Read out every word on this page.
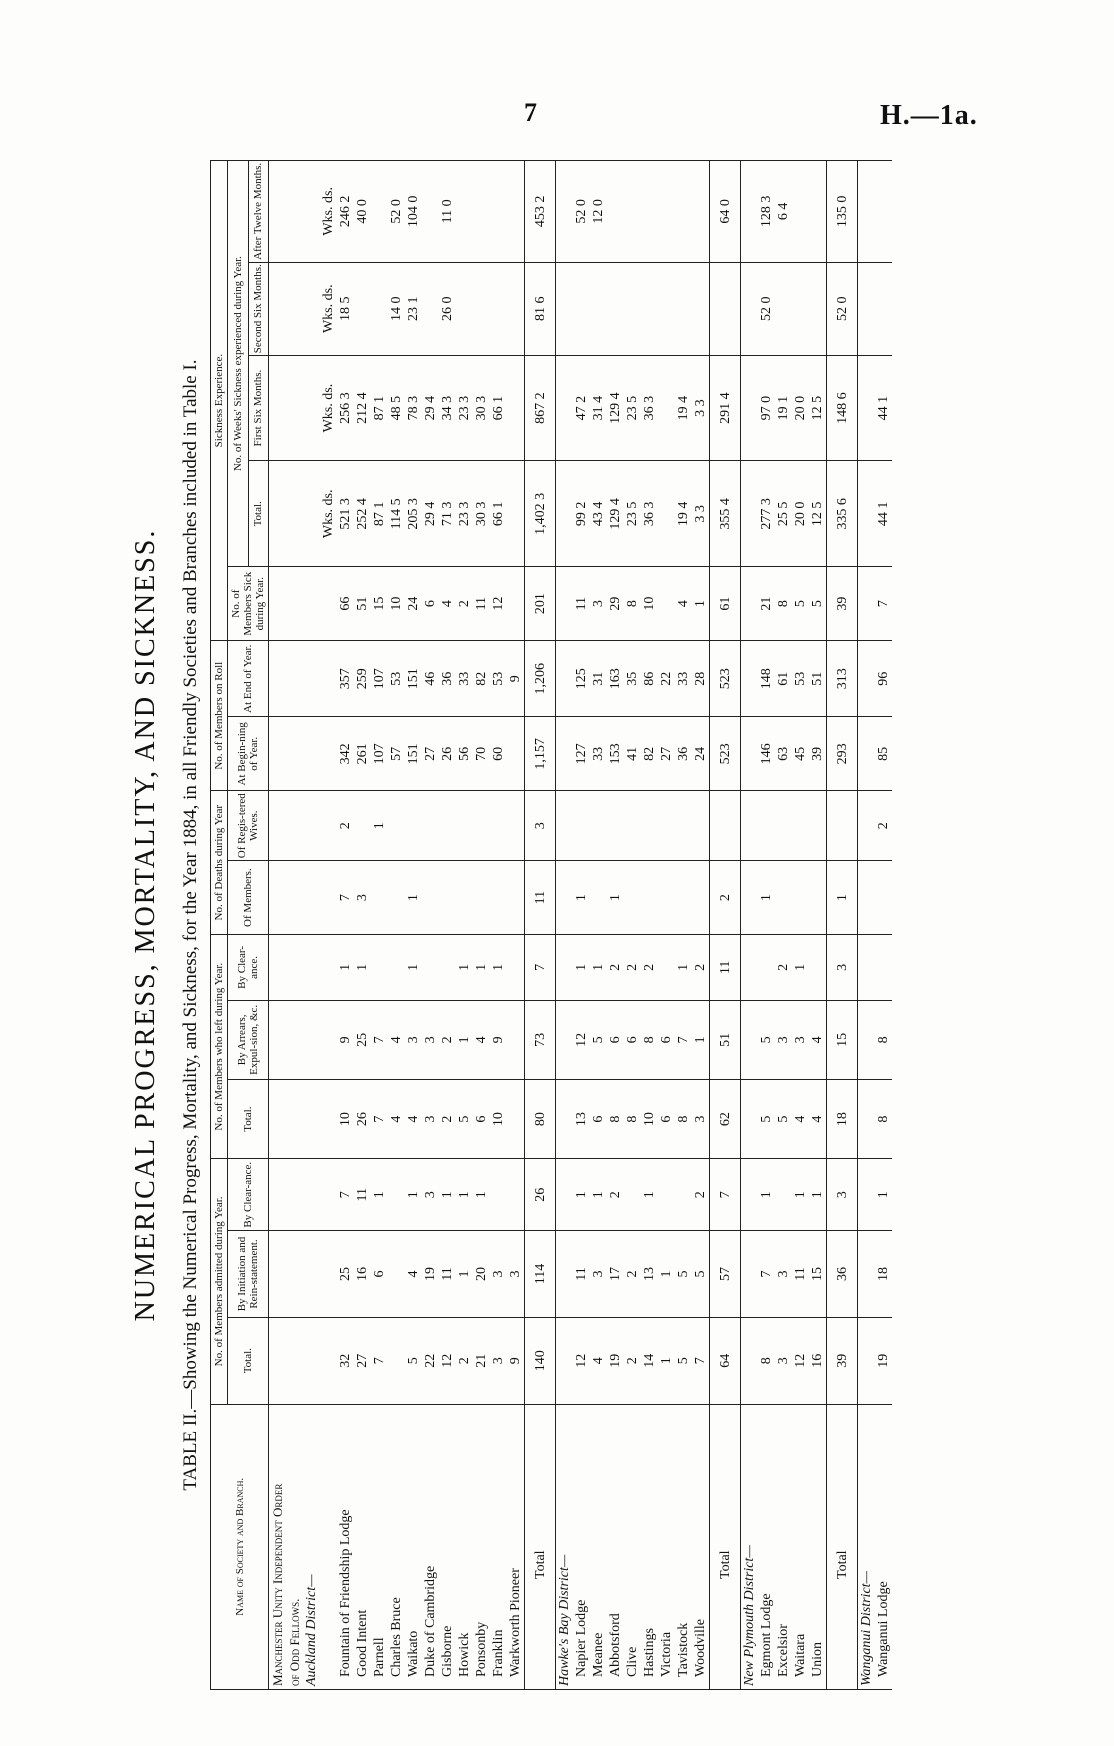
7	H.—1a.
NUMERICAL PROGRESS, MORTALITY, AND SICKNESS.	TABLE II.—Showing the Numerical Progress, Mortality, and Sickness, for the Year 1884, in all Friendly Societies and Branches included in Table I.
Name of Society and Branch.	No. of Members admitted during Year.			No. of Members who left during Year.			No. of Deaths during Year		No. of Members on Roll		Sickness Experience.				
	Total.	By Initiation and Rein-statement.	By Clear-ance.	Total.	By Arrears, Expul-sion, &c.	By Clear-ance.	Of Members.	Of Regis-tered Wives.	At Begin-ning of Year.	At End of Year.	No. of Members Sick during Year.	No. of Weeks' Sickness experienced during Year.			
												Total.	First Six Months.	Second Six Months.	After Twelve Months.
Manchester Unity Independent Order															
of Odd Fellows.															
Auckland District—															
												Wks. ds.	Wks. ds.	Wks. ds.	Wks. ds.
Fountain of Friendship Lodge	32	25	7	10	9	1	7	2	342	357	66	521 3	256 3	18 5	246 2
Good Intent	27	16	11	26	25	1	3		261	259	51	252 4	212 4		40 0
Parnell	7	6	1	7	7			1	107	107	15	87 1	87 1		
Charles Bruce				4	4				57	53	10	114 5	48 5	14 0	52 0
Waikato	5	4	1	4	3	1	1		151	151	24	205 3	78 3	23 1	104 0
Duke of Cambridge	22	19	3	3	3				27	46	6	29 4	29 4		
Gisborne	12	11	1	2	2				26	36	4	71 3	34 3	26 0	11 0
Howick	2	1	1	5	1	1			56	33	2	23 3	23 3		
Ponsonby	21	20	1	6	4	1			70	82	11	30 3	30 3		
Franklin	3	3		10	9	1			60	53	12	66 1	66 1		
Warkworth Pioneer	9	3								9					
Total	140	114	26	80	73	7	11	3	1,157	1,206	201	1,402 3	867 2	81 6	453 2
Hawke's Bay District—															
Napier Lodge	12	11	1	13	12	1	1		127	125	11	99 2	47 2		52 0
Meanee	4	3	1	6	5	1			33	31	3	43 4	31 4		12 0
Abbotsford	19	17	2	8	6	2	1		153	163	29	129 4	129 4		
Clive	2	2		8	6	2			41	35	8	23 5	23 5		
Hastings	14	13	1	10	8	2			82	86	10	36 3	36 3		
Victoria	1	1		6	6				27	22					
Tavistock	5	5		8	7	1			36	33	4	19 4	19 4		
Woodville	7	5	2	3	1	2			24	28	1	3 3	3 3		
Total	64	57	7	62	51	11	2		523	523	61	355 4	291 4		64 0
New Plymouth District—															
Egmont Lodge	8	7	1	5	5		1		146	148	21	277 3	97 0	52 0	128 3
Excelsior	3	3		5	3	2			63	61	8	25 5	19 1		6 4
Waitara	12	11	1	4	3	1			45	53	5	20 0	20 0		
Union	16	15	1	4	4				39	51	5	12 5	12 5		
Total	39	36	3	18	15	3	1		293	313	39	335 6	148 6	52 0	135 0
Wanganui District—															
Wanganui Lodge	19	18	1	8	8			2	85	96	7	44 1	44 1		
